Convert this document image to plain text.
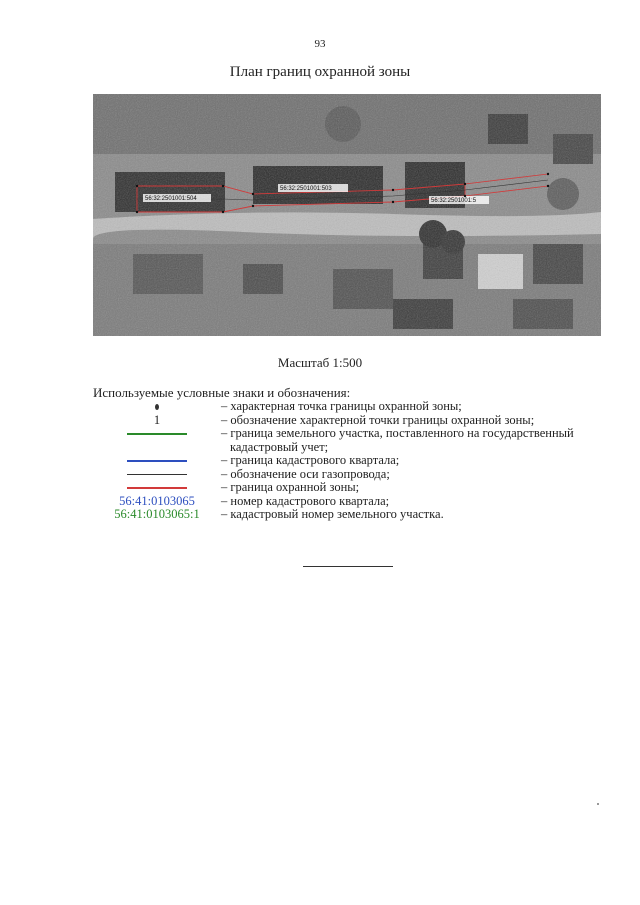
93
План границ охранной зоны
56:32:2501001:504
56:32:2501001:503
56:32:2501001:5
Масштаб 1:500
Используемые условные знаки и обозначения:
– характерная точка границы охранной зоны;
1	– обозначение характерной точки границы охранной зоны;
– граница земельного участка, поставленного на государственный
кадастровый учет;
– граница кадастрового квартала;
– обозначение оси газопровода;
– граница охранной зоны;
56:41:0103065 – номер кадастрового квартала;
56:41:0103065:1 – кадастровый номер земельного участка.
